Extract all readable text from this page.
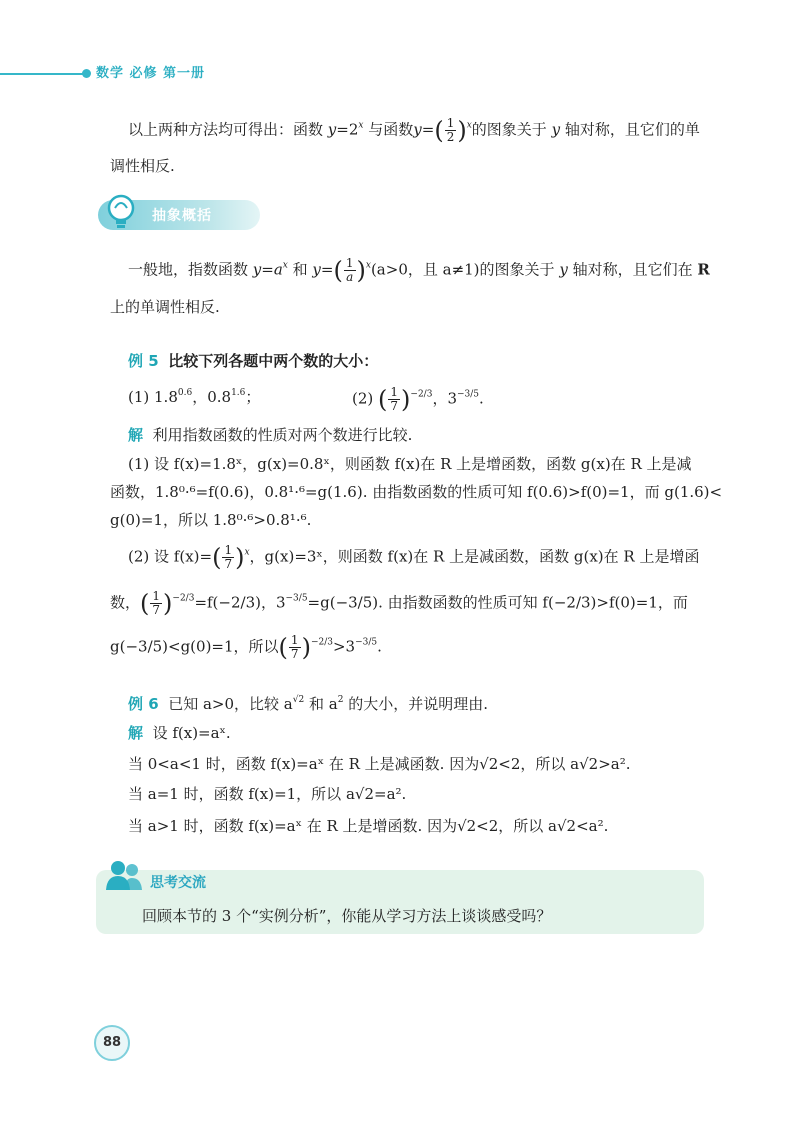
数学 必修 第一册
以上两种方法均可得出：函数 $y=2^x$ 与函数$y=( \frac{1}{2} )^x$的图象关于 y 轴对称，且它们的单
调性相反.
抽象概括
一般地，指数函数 $y=a^x$ 和 $y=( \frac{1}{a} )^x(a>0$，且 a≠1)的图象关于 y 轴对称，且它们在 R
上的单调性相反.
例 5 比较下列各题中两个数的大小：
(1) $1.8^{0.6}$，$0.8^{1.6}$；	(2) ( $\frac{1}{7} )^{-2/3}$，$3^{-3/5}$.
解 利用指数函数的性质对两个数进行比较.
(1) 设 f(x)=1.8ˣ，g(x)=0.8ˣ，则函数 f(x)在 R 上是增函数，函数 g(x)在 R 上是减
函数，1.8⁰·⁶=f(0.6)，0.8¹·⁶=g(1.6). 由指数函数的性质可知 f(0.6)>f(0)=1，而 g(1.6)<
g(0)=1，所以 1.8⁰·⁶>0.8¹·⁶.
(2) 设 $f(x)=( \frac{1}{7} )^x$，g(x)=3ˣ，则函数 f(x)在 R 上是减函数，函数 g(x)在 R 上是增函
数，( $\frac{1}{7} )^{-2/3}=f(-2/3)$，$3^{-3/5}=g(-3/5)$. 由指数函数的性质可知 f(−2/3)>f(0)=1，而
g(−3/5)<g(0)=1，所以( $\frac{1}{7} )^{-2/3}>3^{-3/5}$.
例 6 已知 a>0，比较 $a^{√2}$ 和 $a^2$ 的大小，并说明理由.
解 设 f(x)=aˣ.
当 0<a<1 时，函数 f(x)=aˣ 在 R 上是减函数. 因为√2<2，所以 a√2>a².
当 a=1 时，函数 f(x)=1，所以 a√2=a².
当 a>1 时，函数 f(x)=aˣ 在 R 上是增函数. 因为√2<2，所以 a√2<a².
思考交流
回顾本节的 3 个“实例分析”，你能从学习方法上谈谈感受吗？
88
